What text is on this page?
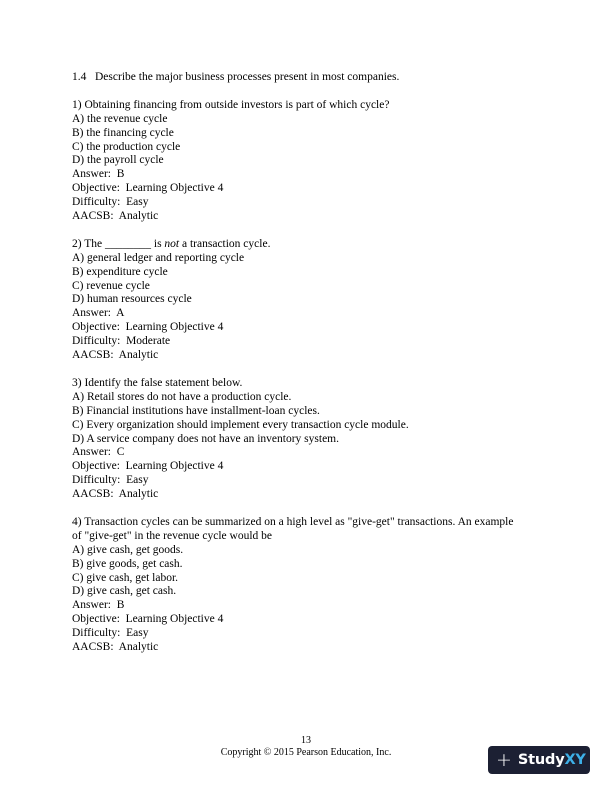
1.4   Describe the major business processes present in most companies.

1) Obtaining financing from outside investors is part of which cycle?

A) the revenue cycle

B) the financing cycle

C) the production cycle

D) the payroll cycle

Answer:  B

Objective:  Learning Objective 4

Difficulty:  Easy

AACSB:  Analytic

2) The ________ is not a transaction cycle.

A) general ledger and reporting cycle

B) expenditure cycle

C) revenue cycle

D) human resources cycle

Answer:  A

Objective:  Learning Objective 4

Difficulty:  Moderate

AACSB:  Analytic

3) Identify the false statement below.

A) Retail stores do not have a production cycle.

B) Financial institutions have installment-loan cycles.

C) Every organization should implement every transaction cycle module.

D) A service company does not have an inventory system.

Answer:  C

Objective:  Learning Objective 4

Difficulty:  Easy

AACSB:  Analytic

4) Transaction cycles can be summarized on a high level as "give-get" transactions. An example

of "give-get" in the revenue cycle would be

A) give cash, get goods.

B) give goods, get cash.

C) give cash, get labor.

D) give cash, get cash.

Answer:  B

Objective:  Learning Objective 4

Difficulty:  Easy

AACSB:  Analytic

13
Copyright © 2015 Pearson Education, Inc.	+ StudyXY
